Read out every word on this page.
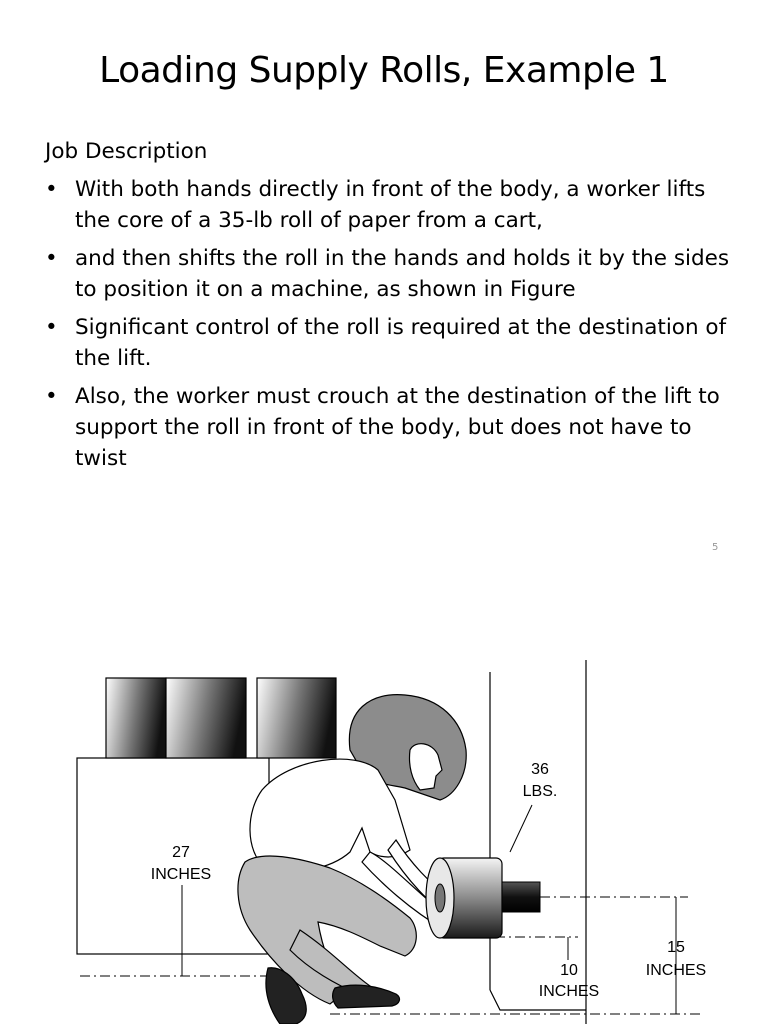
Loading Supply Rolls, Example 1
Job Description
• With both hands directly in front of the body, a worker lifts the core of a 35-lb roll of paper from a cart,
• and then shifts the roll in the hands and holds it by the sides to position it on a machine, as shown in Figure
• Significant control of the roll is required at the destination of the lift.
• Also, the worker must crouch at the destination of the lift to support the roll in front of the body, but does not have to twist
5
36
LBS.
27
INCHES
10
INCHES
15
INCHES
